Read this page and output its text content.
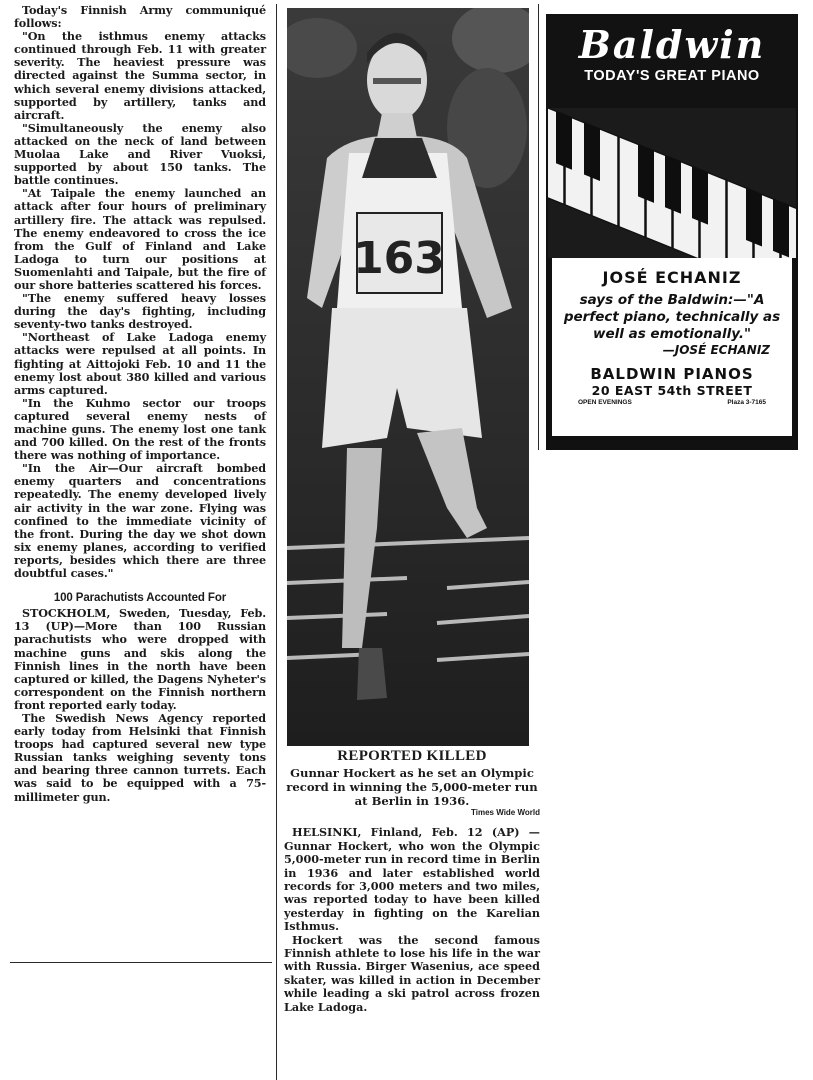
Today's Finnish Army communiqué follows:

"On the isthmus enemy attacks continued through Feb. 11 with greater severity. The heaviest pressure was directed against the Summa sector, in which several enemy divisions attacked, supported by artillery, tanks and aircraft.

"Simultaneously the enemy also attacked on the neck of land between Muolaa Lake and River Vuoksi, supported by about 150 tanks. The battle continues.

"At Taipale the enemy launched an attack after four hours of preliminary artillery fire. The attack was repulsed. The enemy endeavored to cross the ice from the Gulf of Finland and Lake Ladoga to turn our positions at Suomenlahti and Taipale, but the fire of our shore batteries scattered his forces.

"The enemy suffered heavy losses during the day's fighting, including seventy-two tanks destroyed.

"Northeast of Lake Ladoga enemy attacks were repulsed at all points. In fighting at Aittojoki Feb. 10 and 11 the enemy lost about 380 killed and various arms captured.

"In the Kuhmo sector our troops captured several enemy nests of machine guns. The enemy lost one tank and 700 killed. On the rest of the fronts there was nothing of importance.

"In the Air—Our aircraft bombed enemy quarters and concentrations repeatedly. The enemy developed lively air activity in the war zone. Flying was confined to the immediate vicinity of the front. During the day we shot down six enemy planes, according to verified reports, besides which there are three doubtful cases."

100 Parachutists Accounted For

STOCKHOLM, Sweden, Tuesday, Feb. 13 (UP)—More than 100 Russian parachutists who were dropped with machine guns and skis along the Finnish lines in the north have been captured or killed, the Dagens Nyheter's correspondent on the Finnish northern front reported early today.

The Swedish News Agency reported early today from Helsinki that Finnish troops had captured several new type Russian tanks weighing seventy tons and bearing three cannon turrets. Each was said to be equipped with a 75-millimeter gun.

163
REPORTED KILLED
Gunnar Hockert as he set an Olympic record in winning the 5,000-meter run at Berlin in 1936.
Times Wide World

HELSINKI, Finland, Feb. 12 (AP) —Gunnar Hockert, who won the Olympic 5,000-meter run in record time in Berlin in 1936 and later established world records for 3,000 meters and two miles, was reported today to have been killed yesterday in fighting on the Karelian Isthmus.

Hockert was the second famous Finnish athlete to lose his life in the war with Russia. Birger Wasenius, ace speed skater, was killed in action in December while leading a ski patrol across frozen Lake Ladoga.

Baldwin
TODAY'S GREAT PIANO
JOSÉ ECHANIZ
says of the Baldwin:—"A perfect piano, technically as well as emotionally."
—JOSÉ ECHANIZ
BALDWIN PIANOS
20 EAST 54th STREET
OPEN EVENINGS	Plaza 3-7165
